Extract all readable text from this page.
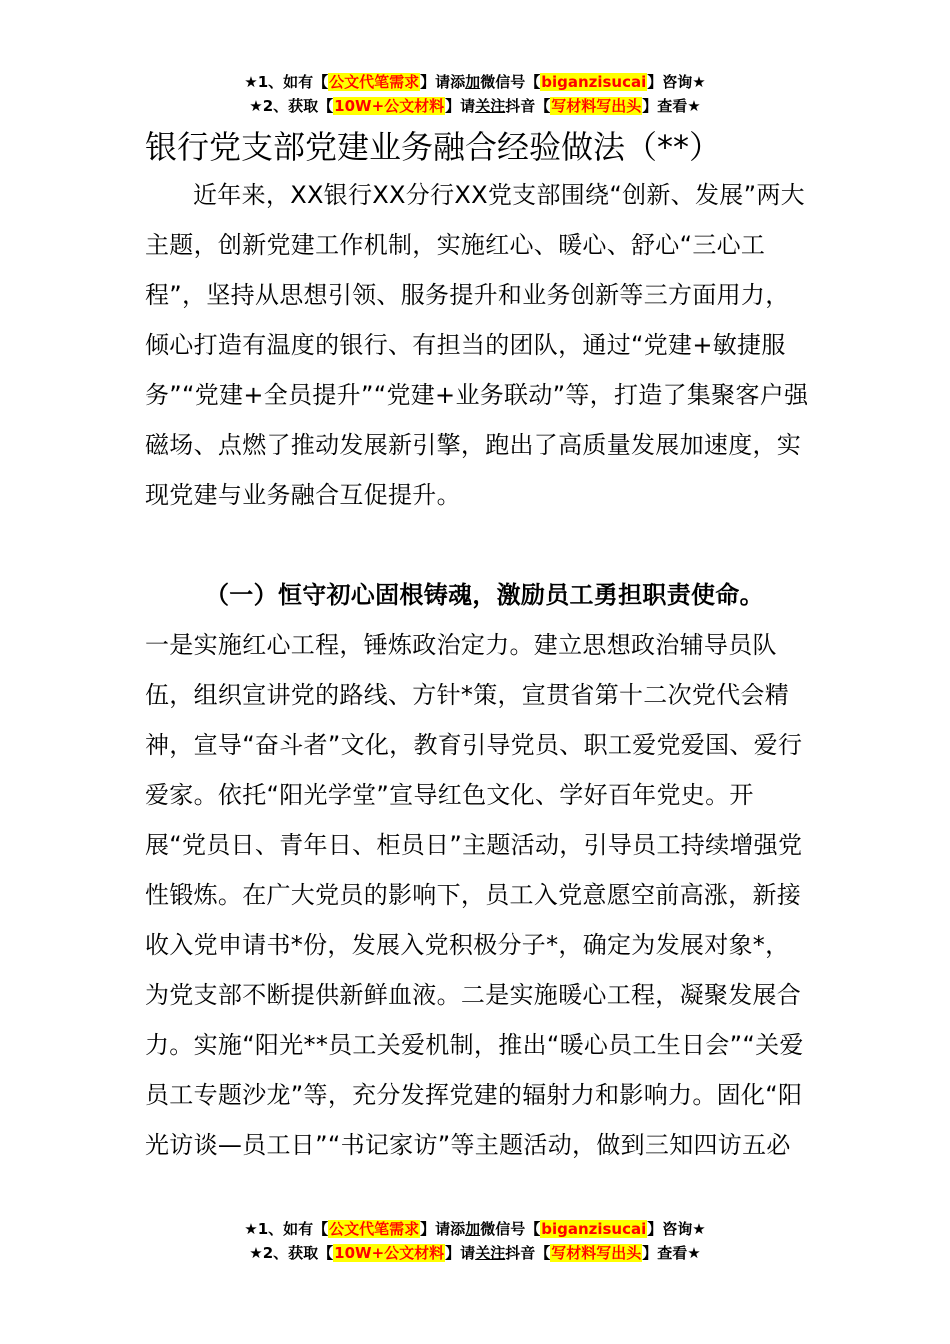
★1、如有【公文代笔需求】请添加微信号【biganzisucai】咨询★
★2、获取【10W+公文材料】请关注抖音【写材料写出头】查看★
银行党支部党建业务融合经验做法（**）
近年来，XX银行XX分行XX党支部围绕“创新、发展”两大主题，创新党建工作机制，实施红心、暖心、舒心“三心工程”，坚持从思想引领、服务提升和业务创新等三方面用力，倾心打造有温度的银行、有担当的团队，通过“党建+敏捷服务”“党建+全员提升”“党建+业务联动”等，打造了集聚客户强磁场、点燃了推动发展新引擎，跑出了高质量发展加速度，实现党建与业务融合互促提升。
（一）恒守初心固根铸魂，激励员工勇担职责使命。
一是实施红心工程，锤炼政治定力。建立思想政治辅导员队伍，组织宣讲党的路线、方针*策，宣贯省第十二次党代会精神，宣导“奋斗者”文化，教育引导党员、职工爱党爱国、爱行爱家。依托“阳光学堂”宣导红色文化、学好百年党史。开展“党员日、青年日、柜员日”主题活动，引导员工持续增强党性锻炼。在广大党员的影响下，员工入党意愿空前高涨，新接收入党申请书*份，发展入党积极分子*，确定为发展对象*，为党支部不断提供新鲜血液。二是实施暖心工程，凝聚发展合力。实施“阳光**员工关爱机制，推出“暖心员工生日会”“关爱员工专题沙龙”等，充分发挥党建的辐射力和影响力。固化“阳光访谈—员工日”“书记家访”等主题活动，做到三知四访五必
★1、如有【公文代笔需求】请添加微信号【biganzisucai】咨询★
★2、获取【10W+公文材料】请关注抖音【写材料写出头】查看★
